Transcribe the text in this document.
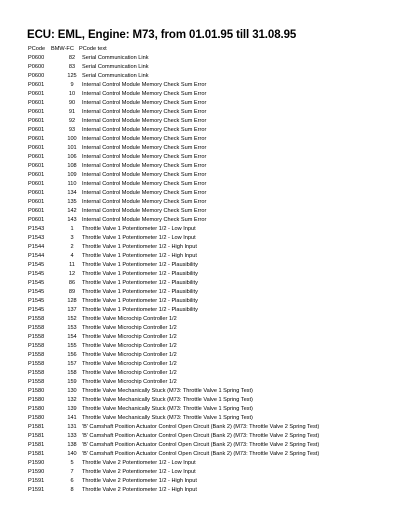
ECU: EML, Engine: M73, from 01.01.95 till 31.08.95
PCode BMW-FC PCode text
P0600	82	Serial Communication Link
P0600	83	Serial Communication Link
P0600	125 Serial Communication Link
P0601	9	Internal Control Module Memory Check Sum Error
P0601	10	Internal Control Module Memory Check Sum Error
P0601	90	Internal Control Module Memory Check Sum Error
P0601	91	Internal Control Module Memory Check Sum Error
P0601	92	Internal Control Module Memory Check Sum Error
P0601	93	Internal Control Module Memory Check Sum Error
P0601	100 Internal Control Module Memory Check Sum Error
P0601	101 Internal Control Module Memory Check Sum Error
P0601	106 Internal Control Module Memory Check Sum Error
P0601	108 Internal Control Module Memory Check Sum Error
P0601	109 Internal Control Module Memory Check Sum Error
P0601	110 Internal Control Module Memory Check Sum Error
P0601	134 Internal Control Module Memory Check Sum Error
P0601	135 Internal Control Module Memory Check Sum Error
P0601	142 Internal Control Module Memory Check Sum Error
P0601	143 Internal Control Module Memory Check Sum Error
P1543	1	Throttle Valve 1 Potentiometer 1/2 - Low Input
P1543	3	Throttle Valve 1 Potentiometer 1/2 - Low Input
P1544	2	Throttle Valve 1 Potentiometer 1/2 - High Input
P1544	4	Throttle Valve 1 Potentiometer 1/2 - High Input
P1545	11	Throttle Valve 1 Potentiometer 1/2 - Plausibility
P1545	12	Throttle Valve 1 Potentiometer 1/2 - Plausibility
P1545	86	Throttle Valve 1 Potentiometer 1/2 - Plausibility
P1545	89	Throttle Valve 1 Potentiometer 1/2 - Plausibility
P1545	128 Throttle Valve 1 Potentiometer 1/2 - Plausibility
P1545	137 Throttle Valve 1 Potentiometer 1/2 - Plausibility
P1558	152 Throttle Valve Microchip Controller 1/2
P1558	153 Throttle Valve Microchip Controller 1/2
P1558	154 Throttle Valve Microchip Controller 1/2
P1558	155 Throttle Valve Microchip Controller 1/2
P1558	156 Throttle Valve Microchip Controller 1/2
P1558	157 Throttle Valve Microchip Controller 1/2
P1558	158 Throttle Valve Microchip Controller 1/2
P1558	159 Throttle Valve Microchip Controller 1/2
P1580	130 Throttle Valve Mechanically Stuck (M73: Throttle Valve 1 Spring Test)
P1580	132 Throttle Valve Mechanically Stuck (M73: Throttle Valve 1 Spring Test)
P1580	139 Throttle Valve Mechanically Stuck (M73: Throttle Valve 1 Spring Test)
P1580	141 Throttle Valve Mechanically Stuck (M73: Throttle Valve 1 Spring Test)
P1581	131 'B' Camshaft Position Actuator Control Open Circuit (Bank 2) (M73: Throttle Valve 2 Spring Test)
P1581	133 'B' Camshaft Position Actuator Control Open Circuit (Bank 2) (M73: Throttle Valve 2 Spring Test)
P1581	138 'B' Camshaft Position Actuator Control Open Circuit (Bank 2) (M73: Throttle Valve 2 Spring Test)
P1581	140 'B' Camshaft Position Actuator Control Open Circuit (Bank 2) (M73: Throttle Valve 2 Spring Test)
P1590	5	Throttle Valve 2 Potentiometer 1/2 - Low Input
P1590	7	Throttle Valve 2 Potentiometer 1/2 - Low Input
P1591	6	Throttle Valve 2 Potentiometer 1/2 - High Input
P1591	8	Throttle Valve 2 Potentiometer 1/2 - High Input
